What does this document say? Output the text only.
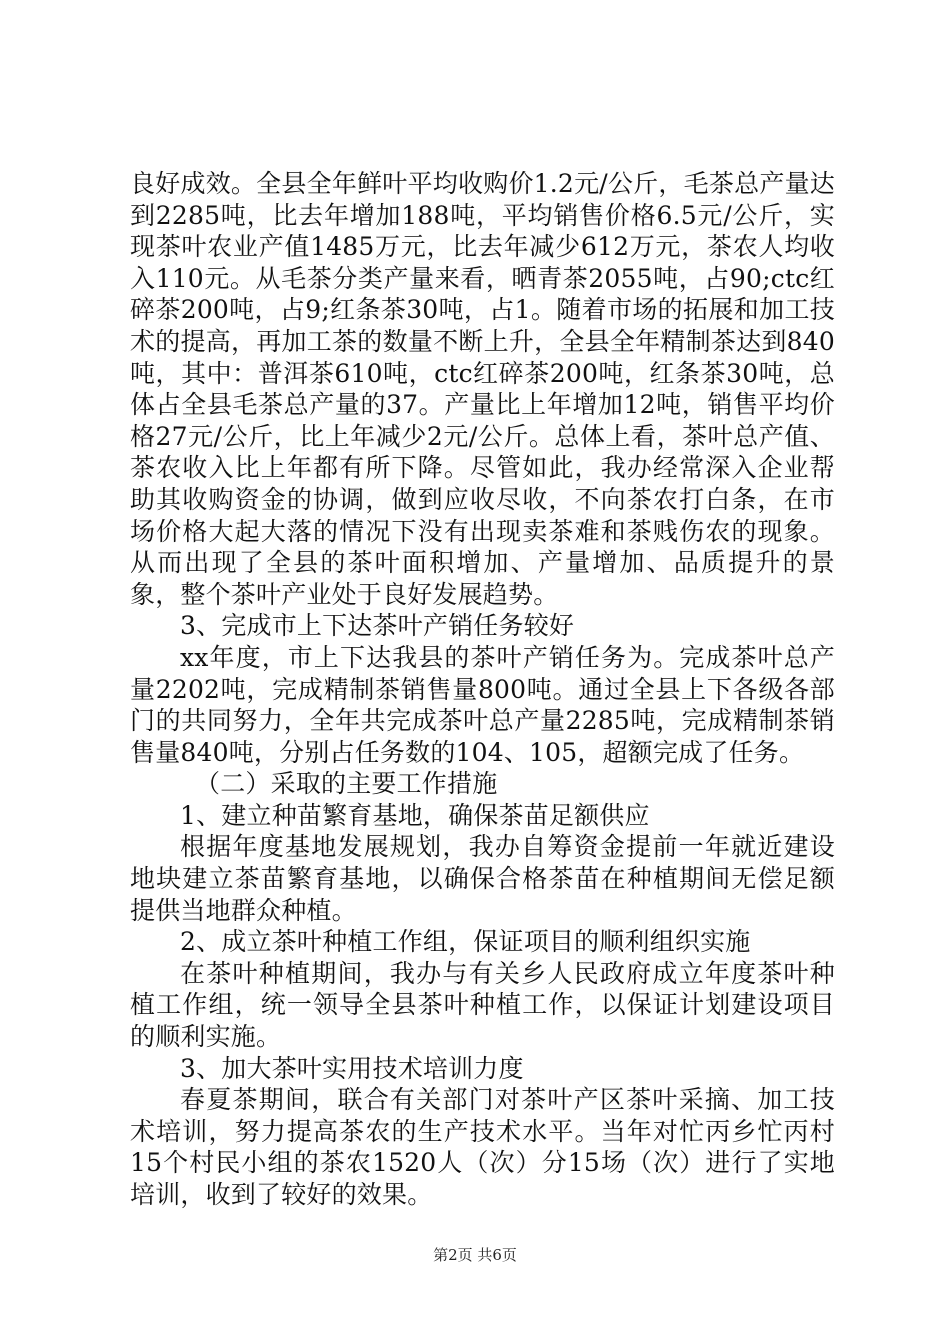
良好成效。全县全年鲜叶平均收购价1.2元/公斤，毛茶总产量达到2285吨，比去年增加188吨，平均销售价格6.5元/公斤，实现茶叶农业产值1485万元，比去年减少612万元，茶农人均收入110元。从毛茶分类产量来看，晒青茶2055吨，占90;ctc红碎茶200吨，占9;红条茶30吨，占1。随着市场的拓展和加工技术的提高，再加工茶的数量不断上升，全县全年精制茶达到840吨，其中：普洱茶610吨，ctc红碎茶200吨，红条茶30吨，总体占全县毛茶总产量的37。产量比上年增加12吨，销售平均价格27元/公斤，比上年减少2元/公斤。总体上看，茶叶总产值、茶农收入比上年都有所下降。尽管如此，我办经常深入企业帮助其收购资金的协调，做到应收尽收，不向茶农打白条，在市场价格大起大落的情况下没有出现卖茶难和茶贱伤农的现象。从而出现了全县的茶叶面积增加、产量增加、品质提升的景象，整个茶叶产业处于良好发展趋势。

3、完成市上下达茶叶产销任务较好

xx年度，市上下达我县的茶叶产销任务为。完成茶叶总产量2202吨，完成精制茶销售量800吨。通过全县上下各级各部门的共同努力，全年共完成茶叶总产量2285吨，完成精制茶销售量840吨，分别占任务数的104、105，超额完成了任务。

（二）采取的主要工作措施

1、建立种苗繁育基地，确保茶苗足额供应

根据年度基地发展规划，我办自筹资金提前一年就近建设地块建立茶苗繁育基地，以确保合格茶苗在种植期间无偿足额提供当地群众种植。

2、成立茶叶种植工作组，保证项目的顺利组织实施

在茶叶种植期间，我办与有关乡人民政府成立年度茶叶种植工作组，统一领导全县茶叶种植工作，以保证计划建设项目的顺利实施。

3、加大茶叶实用技术培训力度

春夏茶期间，联合有关部门对茶叶产区茶叶采摘、加工技术培训，努力提高茶农的生产技术水平。当年对忙丙乡忙丙村15个村民小组的茶农1520人（次）分15场（次）进行了实地培训，收到了较好的效果。

第2页 共6页
